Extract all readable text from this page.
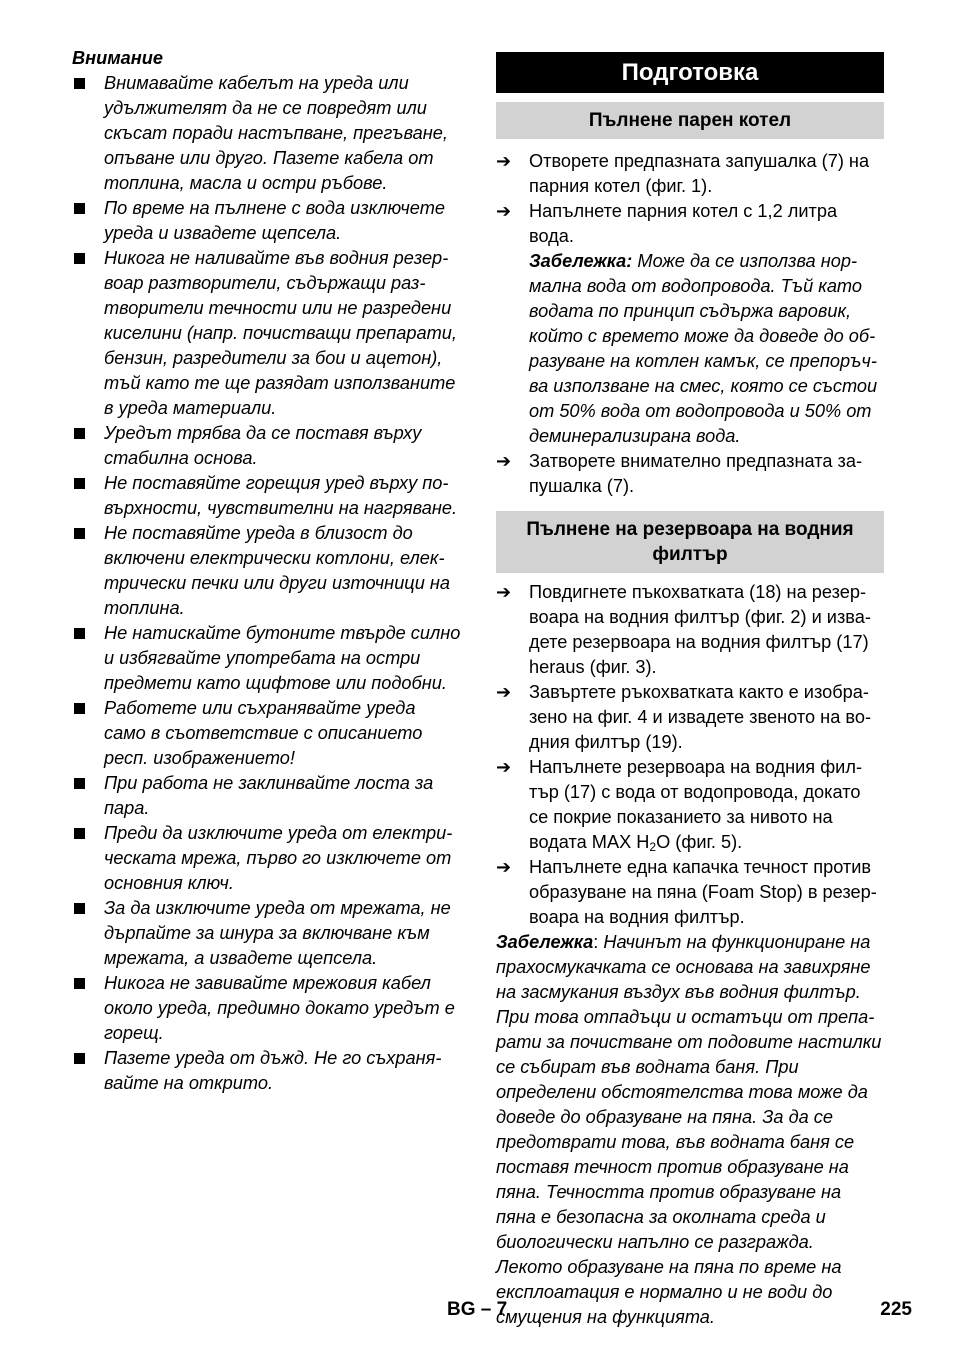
Внимание

Внимавайте кабелът на уреда или удължителят да не се повредят или скъсат поради настъпване, прегъване, опъване или друго. Пазете кабела от топлина, масла и остри ръбове.
По време на пълнене с вода изключете уреда и извадете щепсела.
Никога не наливайте във водния резервоар разтворители, съдържащи разтворители течности или не разредени киселини (напр. почистващи препарати, бензин, разредители за бои и ацетон), тъй като те ще разядат използваните в уреда материали.
Уредът трябва да се поставя върху стабилна основа.
Не поставяйте горещия уред върху повърхности, чувствителни на нагряване.
Не поставяйте уреда в близост до включени електрически котлони, електрически печки или други източници на топлина.
Не натискайте бутоните твърде силно и избягвайте употребата на остри предмети като щифтове или подобни.
Работете или съхранявайте уреда само в съответствие с описанието респ. изображението!
При работа не заклинвайте лоста за пара.
Преди да изключите уреда от електрическата мрежа, първо го изключете от основния ключ.
За да изключите уреда от мрежата, не дърпайте за шнура за включване към мрежата, а извадете щепсела.
Никога не завивайте мрежовия кабел около уреда, предимно докато уредът е горещ.
Пазете уреда от дъжд. Не го съхранявайте на открито.
Подготовка
Пълнене парен котел
➔ Отворете предпазната запушалка (7) на парния котел (фиг. 1).
➔ Напълнете парния котел с 1,2 литра вода.
Забележка: Може да се използва нормална вода от водопровода. Тъй като водата по принцип съдържа варовик, който с времето може да доведе до образуване на котлен камък, се препоръчва използване на смес, която се състои от 50% вода от водопровода и 50% от деминерализирана вода.
➔ Затворете внимателно предпазната запушалка (7).
Пълнене на резервоара на водния филтър
➔ Повдигнете пъкохватката (18) на резервоара на водния филтър (фиг. 2) и извадете резервоара на водния филтър (17) heraus (фиг. 3).
➔ Завъртете ръкохватката както е изобразено на фиг. 4 и извадете звеното на водния филтър (19).
➔ Напълнете резервоара на водния филтър (17) с вода от водопровода, докато се покрие показанието за нивото на водата MAX $H_2O$ (фиг. 5).
➔ Напълнете една капачка течност против образуване на пяна (Foam Stop) в резервоара на водния филтър.
Забележка: Начинът на функциониране на прахосмукачката се основава на завихряне на засмукания въздух във водния филтър. При това отпадъци и остатъци от препарати за почистване от подовите настилки се събират във водната баня. При определени обстоятелства това може да доведе до образуване на пяна. За да се предотврати това, във водната баня се поставя течност против образуване на пяна. Течността против образуване на пяна е безопасна за околната среда и биологически напълно се разгражда. Лекото образуване на пяна по време на експлоатация е нормално и не води до смущения на функцията.
BG – 7	225
